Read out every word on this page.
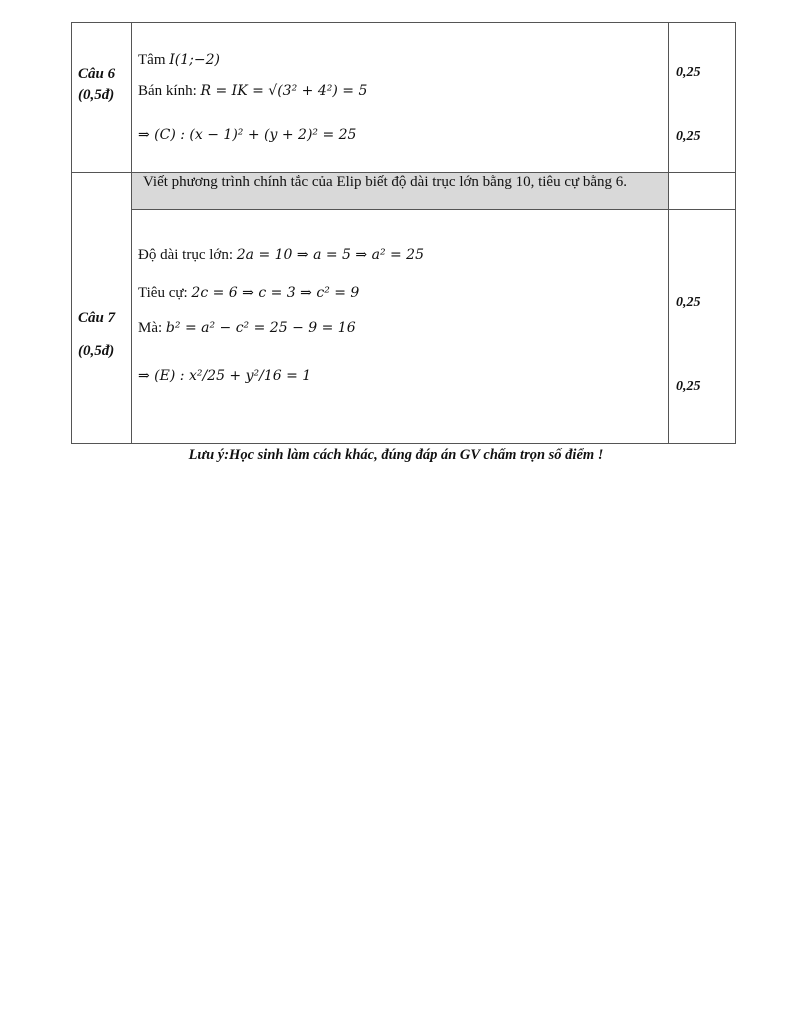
Câu 6
(0,5đ)
Tâm I(1;−2)
Bán kính: R = IK = √(3² + 4²) = 5
⇒ (C) : (x − 1)² + (y + 2)² = 25
0,25
0,25
Viết phương trình chính tắc của Elip biết độ dài trục lớn bằng 10, tiêu cự bằng 6.
Câu 7
(0,5đ)
Độ dài trục lớn: 2a = 10 ⇒ a = 5 ⇒ a² = 25
Tiêu cự: 2c = 6 ⇒ c = 3 ⇒ c² = 9
Mà: b² = a² − c² = 25 − 9 = 16
⇒ (E) : x²/25 + y²/16 = 1
0,25
0,25
Lưu ý:Học sinh làm cách khác, đúng đáp án GV chấm trọn số điểm !
